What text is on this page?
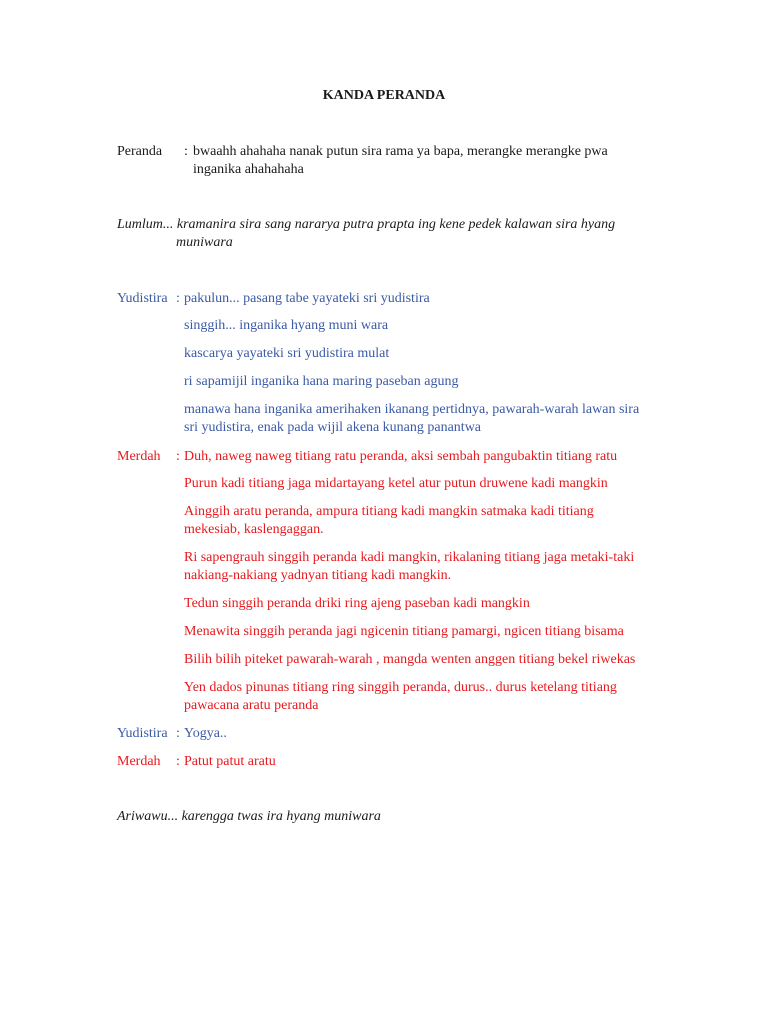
KANDA PERANDA
Peranda : bwaahh ahahaha nanak putun sira rama ya bapa, merangke merangke pwa
inganika ahahahaha
Lumlum... kramanira sira sang nararya putra prapta ing kene pedek kalawan sira hyang
muniwara
Yudistira : pakulun... pasang tabe yayateki sri yudistira
singgih... inganika hyang muni wara
kascarya yayateki sri yudistira mulat
ri sapamijil inganika hana maring paseban agung
manawa hana inganika amerihaken ikanang pertidnya, pawarah-warah lawan sira
sri yudistira, enak pada wijil akena kunang panantwa
Merdah : Duh, naweg naweg titiang ratu peranda, aksi sembah pangubaktin titiang ratu
Purun kadi titiang jaga midartayang ketel atur putun druwene kadi mangkin
Ainggih aratu peranda, ampura titiang kadi mangkin satmaka kadi titiang
mekesiab, kaslengaggan.
Ri sapengrauh singgih peranda kadi mangkin, rikalaning titiang jaga metaki-taki
nakiang-nakiang yadnyan titiang kadi mangkin.
Tedun singgih peranda driki ring ajeng paseban kadi mangkin
Menawita singgih peranda jagi ngicenin titiang pamargi, ngicen titiang bisama
Bilih bilih piteket pawarah-warah , mangda wenten anggen titiang bekel riwekas
Yen dados pinunas titiang ring singgih peranda, durus.. durus ketelang titiang
pawacana aratu peranda
Yudistira : Yogya..
Merdah : Patut patut aratu
Ariwawu... karengga twas ira hyang muniwara
